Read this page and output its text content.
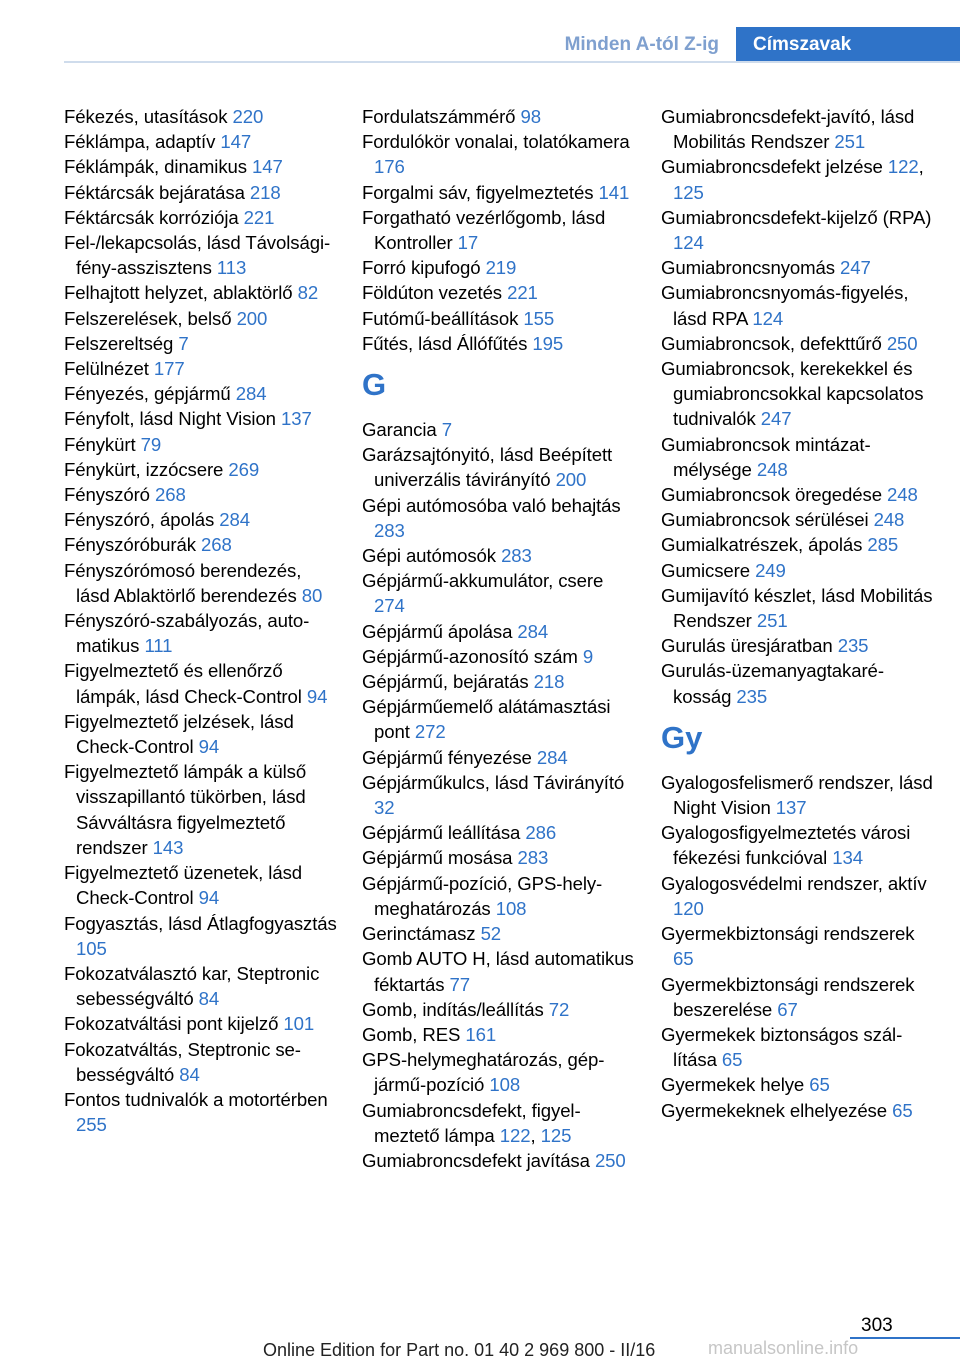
Minden A-tól Z-ig	Címszavak
Fékezés, utasítások 220
Féklámpa, adaptív 147
Féklámpák, dinamikus 147
Féktárcsák bejáratása 218
Féktárcsák korróziója 221
Fel-/lekapcsolás, lásd Távolságifény-asszisztens 113
Felhajtott helyzet, ablaktörlő 82
Felszerelések, belső 200
Felszereltség 7
Felülnézet 177
Fényezés, gépjármű 284
Fényfolt, lásd Night Vision 137
Fénykürt 79
Fénykürt, izzócsere 269
Fényszóró 268
Fényszóró, ápolás 284
Fényszóróburák 268
Fényszórómosó berendezés, lásd Ablaktörlő berendezés 80
Fényszóró-szabályozás, automatikus 111
Figyelmeztető és ellenőrző lámpák, lásd Check-Control 94
Figyelmeztető jelzések, lásd Check-Control 94
Figyelmeztető lámpák a külső visszapillantó tükörben, lásd Sávváltásra figyelmeztető rendszer 143
Figyelmeztető üzenetek, lásd Check-Control 94
Fogyasztás, lásd Átlagfogyasztás 105
Fokozatválasztó kar, Steptronic sebességváltó 84
Fokozatváltási pont kijelző 101
Fokozatváltás, Steptronic sebességváltó 84
Fontos tudnivalók a motortérben 255
Fordulatszámmérő 98
Fordulókör vonalai, tolatókamera 176
Forgalmi sáv, figyelmeztetés 141
Forgatható vezérlőgomb, lásd Kontroller 17
Forró kipufogó 219
Földúton vezetés 221
Futómű-beállítások 155
Fűtés, lásd Állófűtés 195
G
Garancia 7
Garázsajtónyitó, lásd Beépített univerzális távirányító 200
Gépi autómosóba való behajtás 283
Gépi autómosók 283
Gépjármű-akkumulátor, csere 274
Gépjármű ápolása 284
Gépjármű-azonosító szám 9
Gépjármű, bejáratás 218
Gépjárműemelő alátámasztási pont 272
Gépjármű fényezése 284
Gépjárműkulcs, lásd Távirányító 32
Gépjármű leállítása 286
Gépjármű mosása 283
Gépjármű-pozíció, GPS-helymeghatározás 108
Gerinctámasz 52
Gomb AUTO H, lásd automatikus féktartás 77
Gomb, indítás/leállítás 72
Gomb, RES 161
GPS-helymeghatározás, gépjármű-pozíció 108
Gumiabroncsdefekt, figyelmeztető lámpa 122, 125
Gumiabroncsdefekt javítása 250
Gumiabroncsdefekt-javító, lásd Mobilitás Rendszer 251
Gumiabroncsdefekt jelzése 122, 125
Gumiabroncsdefekt-kijelző (RPA) 124
Gumiabroncsnyomás 247
Gumiabroncsnyomás-figyelés, lásd RPA 124
Gumiabroncsok, defekttűrő 250
Gumiabroncsok, kerekekkel és gumiabroncsokkal kapcsolatos tudnivalók 247
Gumiabroncsok mintázatmélysége 248
Gumiabroncsok öregedése 248
Gumiabroncsok sérülései 248
Gumialkatrészek, ápolás 285
Gumicsere 249
Gumijavító készlet, lásd Mobilitás Rendszer 251
Gurulás üresjáratban 235
Gurulás-üzemanyagtakarékosság 235
Gy
Gyalogosfelismerő rendszer, lásd Night Vision 137
Gyalogosfigyelmeztetés városi fékezési funkcióval 134
Gyalogosvédelmi rendszer, aktív 120
Gyermekbiztonsági rendszerek 65
Gyermekbiztonsági rendszerek beszerelése 67
Gyermekek biztonságos szállítása 65
Gyermekek helye 65
Gyermekeknek elhelyezése 65
303
Online Edition for Part no. 01 40 2 969 800 - II/16	manualsonline.info
